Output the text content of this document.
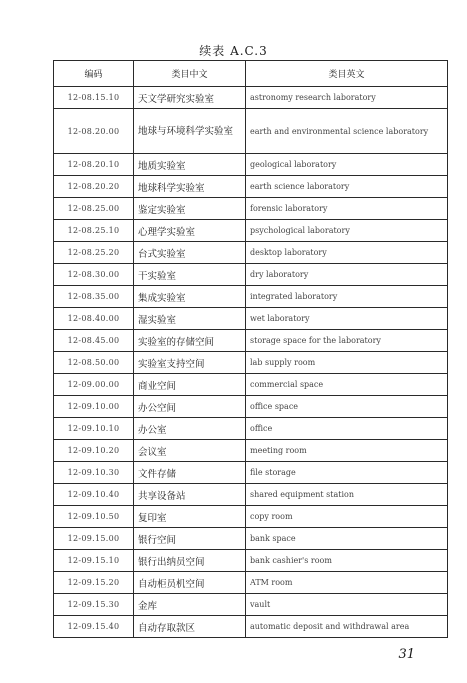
续表 A.C.3
编码	类目中文	类目英文
12-08.15.10	天文学研究实验室	astronomy research laboratory
12-08.20.00	地球与环境科学实验室	earth and environmental science laboratory
12-08.20.10	地质实验室	geological laboratory
12-08.20.20	地球科学实验室	earth science laboratory
12-08.25.00	鉴定实验室	forensic laboratory
12-08.25.10	心理学实验室	psychological laboratory
12-08.25.20	台式实验室	desktop laboratory
12-08.30.00	干实验室	dry laboratory
12-08.35.00	集成实验室	integrated laboratory
12-08.40.00	湿实验室	wet laboratory
12-08.45.00	实验室的存储空间	storage space for the laboratory
12-08.50.00	实验室支持空间	lab supply room
12-09.00.00	商业空间	commercial space
12-09.10.00	办公空间	office space
12-09.10.10	办公室	office
12-09.10.20	会议室	meeting room
12-09.10.30	文件存储	file storage
12-09.10.40	共享设备站	shared equipment station
12-09.10.50	复印室	copy room
12-09.15.00	银行空间	bank space
12-09.15.10	银行出纳员空间	bank cashier's room
12-09.15.20	自动柜员机空间	ATM room
12-09.15.30	金库	vault
12-09.15.40	自动存取款区	automatic deposit and withdrawal area
31
